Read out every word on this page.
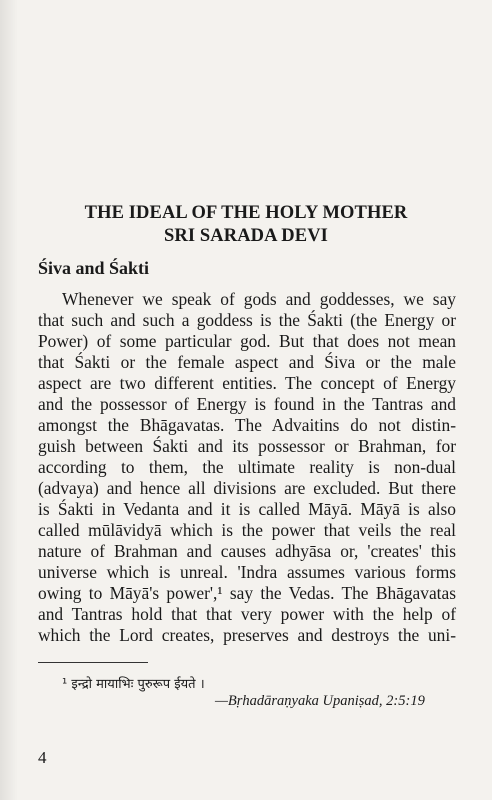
THE IDEAL OF THE HOLY MOTHER
SRI SARADA DEVI
Śiva and Śakti
Whenever we speak of gods and goddesses, we say
that such and such a goddess is the Śakti (the Energy or
Power) of some particular god. But that does not mean
that Śakti or the female aspect and Śiva or the male
aspect are two different entities. The concept of Energy
and the possessor of Energy is found in the Tantras and
amongst the Bhāgavatas. The Advaitins do not distin-
guish between Śakti and its possessor or Brahman, for
according to them, the ultimate reality is non-dual
(advaya) and hence all divisions are excluded. But there
is Śakti in Vedanta and it is called Māyā. Māyā is also
called mūlāvidyā which is the power that veils the real
nature of Brahman and causes adhyāsa or, 'creates' this
universe which is unreal. 'Indra assumes various forms
owing to Māyā's power',¹ say the Vedas. The Bhāgavatas
and Tantras hold that that very power with the help of
which the Lord creates, preserves and destroys the uni-
¹ इन्द्रो मायाभिः पुरुरूप ईयते ।
—Bṛhadāraṇyaka Upaniṣad, 2:5:19
4
